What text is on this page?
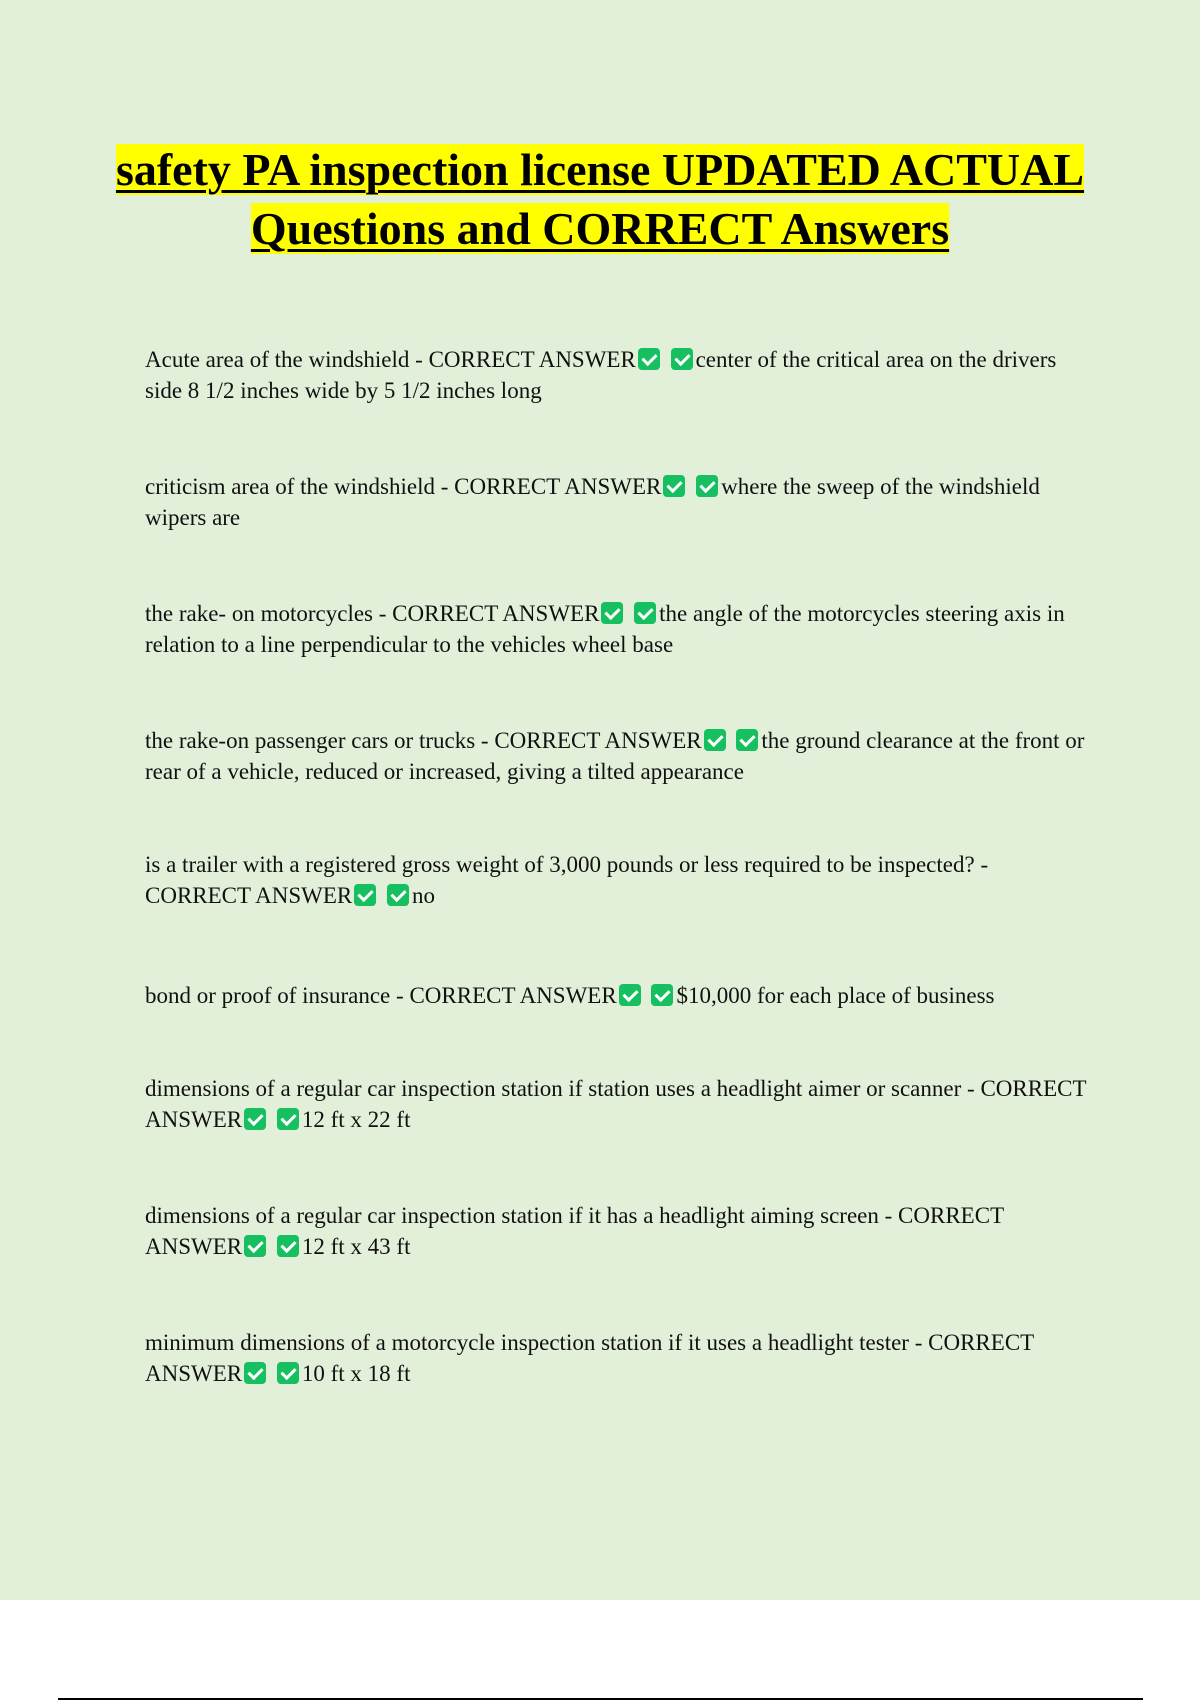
safety PA inspection license UPDATED ACTUAL Questions and CORRECT Answers

Acute area of the windshield - CORRECT ANSWER	center of the critical area on the drivers side 8 1/2 inches wide by 5 1/2 inches long

criticism area of the windshield - CORRECT ANSWER	where the sweep of the windshield wipers are

the rake- on motorcycles - CORRECT ANSWER	the angle of the motorcycles steering axis in relation to a line perpendicular to the vehicles wheel base

the rake-on passenger cars or trucks - CORRECT ANSWER	the ground clearance at the front or rear of a vehicle, reduced or increased, giving a tilted appearance

is a trailer with a registered gross weight of 3,000 pounds or less required to be inspected? - CORRECT ANSWER	no

bond or proof of insurance - CORRECT ANSWER	$10,000 for each place of business

dimensions of a regular car inspection station if station uses a headlight aimer or scanner - CORRECT ANSWER	12 ft x 22 ft

dimensions of a regular car inspection station if it has a headlight aiming screen - CORRECT ANSWER	12 ft x 43 ft

minimum dimensions of a motorcycle inspection station if it uses a headlight tester - CORRECT ANSWER	10 ft x 18 ft
